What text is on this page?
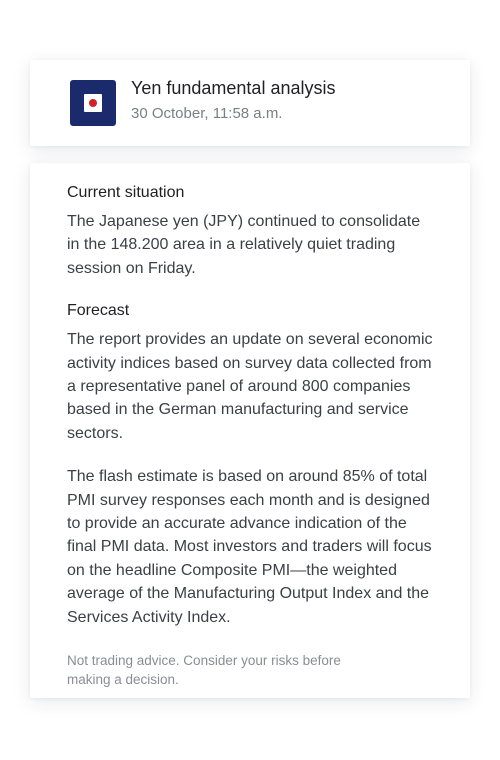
Yen fundamental analysis
30 October, 11:58 a.m.
Current situation

The Japanese yen (JPY) continued to consolidate in the 148.200 area in a relatively quiet trading session on Friday.

Forecast

The report provides an update on several economic activity indices based on survey data collected from a representative panel of around 800 companies based in the German manufacturing and service sectors.

The flash estimate is based on around 85% of total PMI survey responses each month and is designed to provide an accurate advance indication of the final PMI data. Most investors and traders will focus on the headline Composite PMI—the weighted average of the Manufacturing Output Index and the Services Activity Index.

Not trading advice. Consider your risks before making a decision.
